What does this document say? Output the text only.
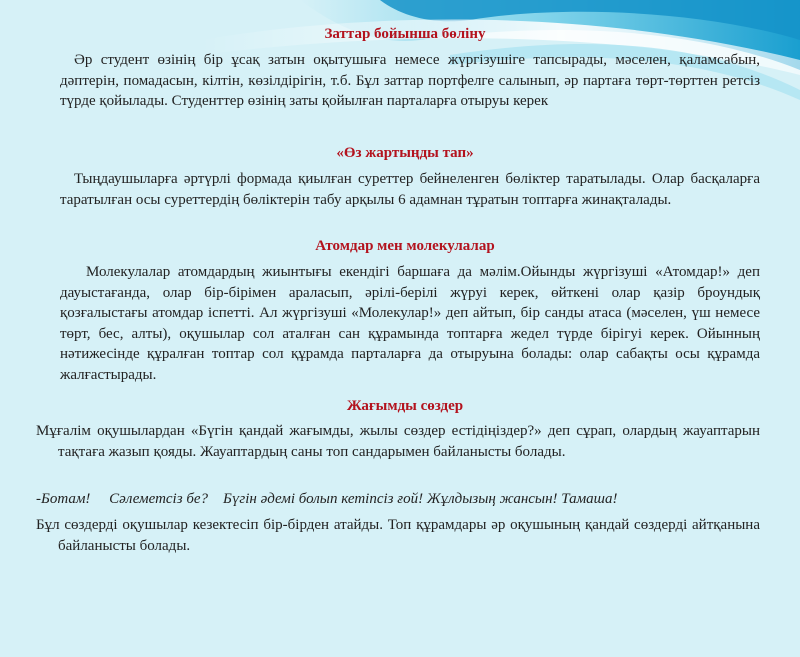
Заттар бойынша бөліну
Әр студент өзінің бір ұсақ затын оқытушыға немесе жүргізушіге тапсырады, мәселен, қаламсабын, дәптерін, помадасын, кілтін, көзілдірігін, т.б. Бұл заттар портфелге салынып, әр партаға төрт-төрттен ретсіз түрде қойылады. Студенттер өзінің заты қойылған парталарға отыруы керек
«Өз жартыңды тап»
Тыңдаушыларға әртүрлі формада қиылған суреттер бейнеленген бөліктер таратылады. Олар басқаларға таратылған осы суреттердің бөліктерін табу арқылы 6 адамнан тұратын топтарға жинақталады.
Атомдар мен молекулалар
Молекулалар атомдардың жиынтығы екендігі баршаға да мәлім.Ойынды жүргізуші «Атомдар!» деп дауыстағанда, олар бір-бірімен араласып, әрілі-берілі жүруі керек, өйткені олар қазір броундық қозғалыстағы атомдар іспетті. Ал жүргізуші «Молекулар!» деп айтып, бір санды атаса (мәселен, үш немесе төрт, бес, алты), оқушылар сол аталған сан құрамында топтарға жедел түрде бірігуі керек. Ойынның нәтижесінде құралған топтар сол құрамда парталарға да отыруына болады: олар сабақты осы құрамда жалғастырады.
Жағымды сөздер
Мұғалім оқушылардан «Бүгін қандай жағымды, жылы сөздер естідіңіздер?» деп сұрап, олардың жауаптарын тақтаға жазып қояды. Жауаптардың саны топ сандарымен байланысты болады.
-Ботам!     Сәлеметсіз бе?    Бүгін әдемі болып кетіпсіз ғой! Жұлдызың жансын! Тамаша!
Бұл сөздерді оқушылар кезектесіп бір-бірден атайды. Топ құрамдары әр оқушының қандай сөздерді айтқанына байланысты болады.
